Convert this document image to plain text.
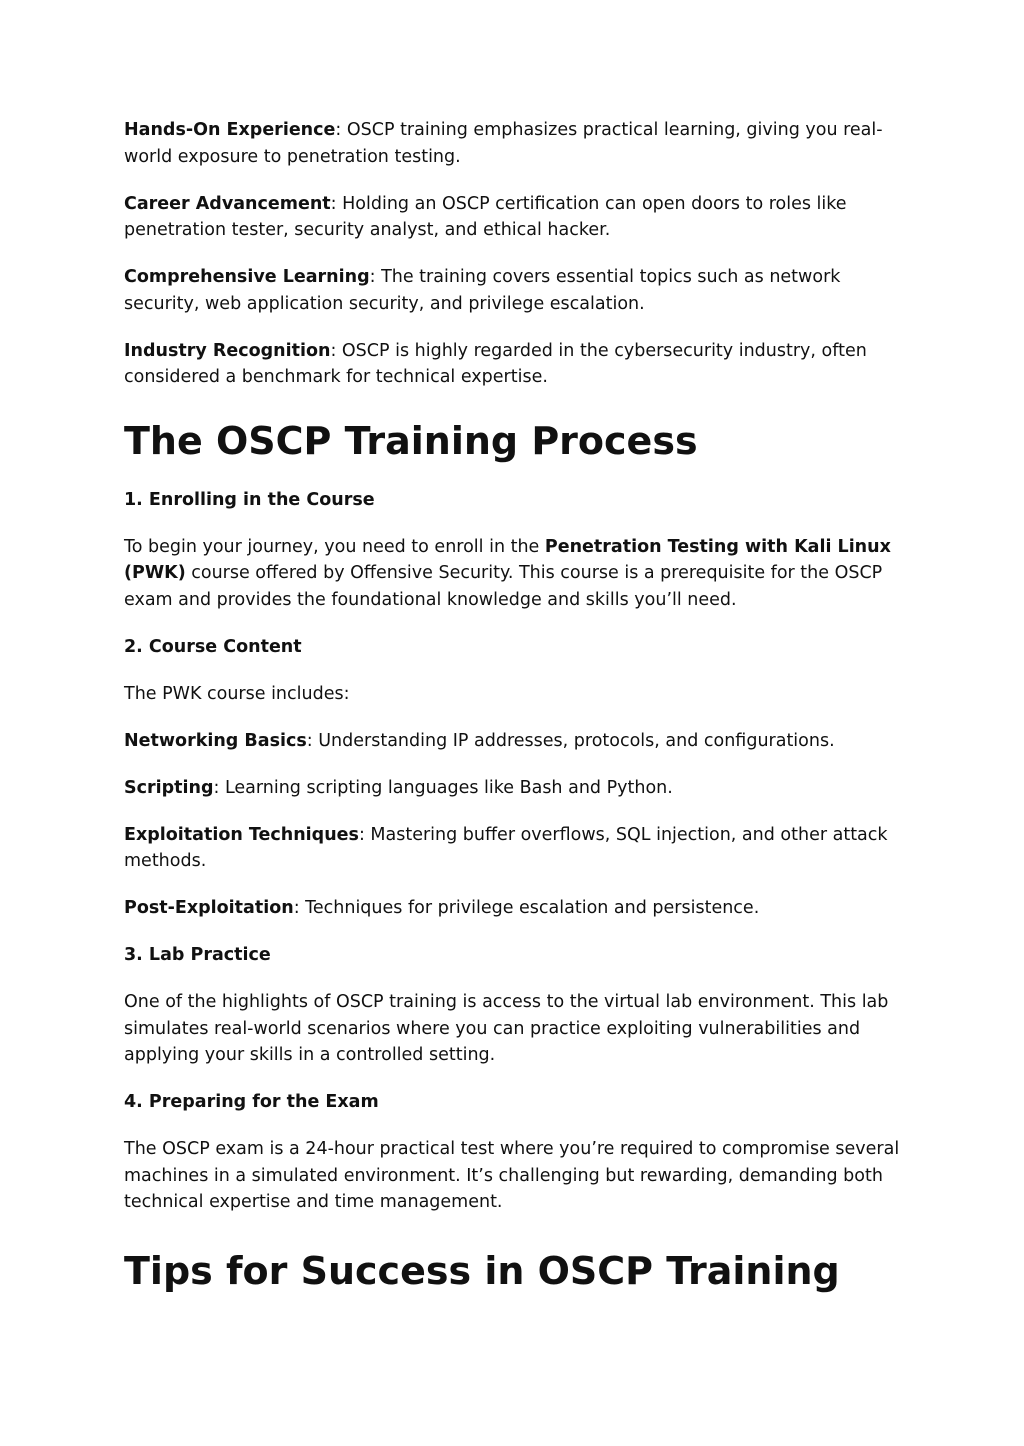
Hands-On Experience: OSCP training emphasizes practical learning, giving you real-world exposure to penetration testing.

Career Advancement: Holding an OSCP certification can open doors to roles like penetration tester, security analyst, and ethical hacker.

Comprehensive Learning: The training covers essential topics such as network security, web application security, and privilege escalation.

Industry Recognition: OSCP is highly regarded in the cybersecurity industry, often considered a benchmark for technical expertise.

The OSCP Training Process
1. Enrolling in the Course

To begin your journey, you need to enroll in the Penetration Testing with Kali Linux (PWK) course offered by Offensive Security. This course is a prerequisite for the OSCP exam and provides the foundational knowledge and skills you’ll need.

2. Course Content

The PWK course includes:

Networking Basics: Understanding IP addresses, protocols, and configurations.

Scripting: Learning scripting languages like Bash and Python.

Exploitation Techniques: Mastering buffer overflows, SQL injection, and other attack methods.

Post-Exploitation: Techniques for privilege escalation and persistence.

3. Lab Practice

One of the highlights of OSCP training is access to the virtual lab environment. This lab simulates real-world scenarios where you can practice exploiting vulnerabilities and applying your skills in a controlled setting.

4. Preparing for the Exam

The OSCP exam is a 24-hour practical test where you’re required to compromise several machines in a simulated environment. It’s challenging but rewarding, demanding both technical expertise and time management.

Tips for Success in OSCP Training
